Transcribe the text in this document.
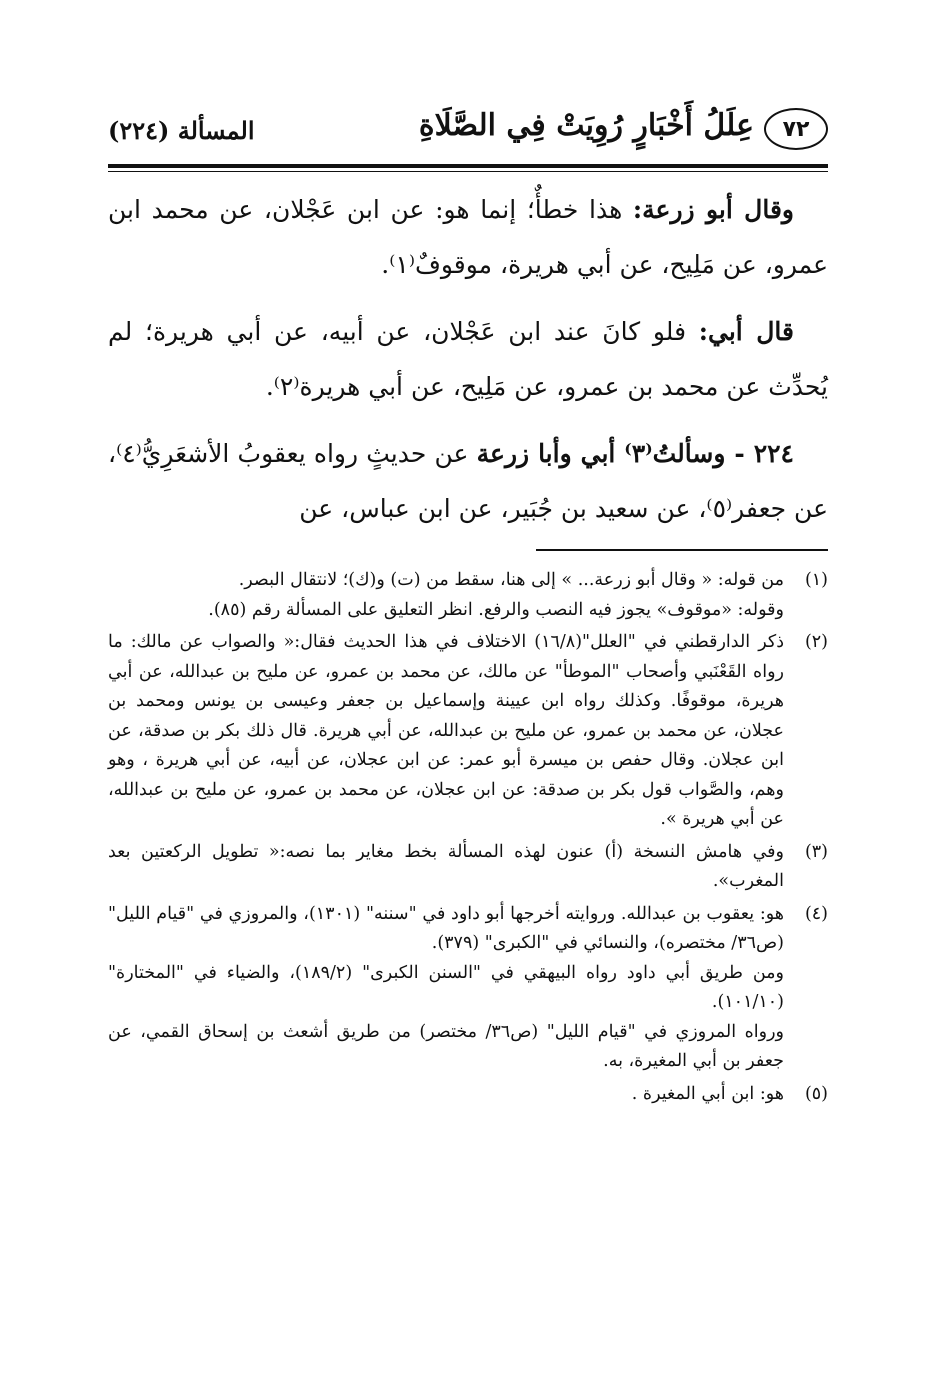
٧٢
عِلَلُ أَخْبَارٍ رُوِيَتْ فِي الصَّلَاةِ
المسألة (٢٢٤)

وقال أبو زرعة: هذا خطأٌ؛ إنما هو: عن ابن عَجْلان، عن محمد ابن عمرو، عن مَلِيح، عن أبي هريرة، موقوفٌ⁽١⁾.

قال أبي: فلو كانَ عند ابن عَجْلان، عن أبيه، عن أبي هريرة؛ لم يُحدِّث عن محمد بن عمرو، عن مَلِيح، عن أبي هريرة⁽٢⁾.

٢٢٤ - وسألتُ⁽٣⁾ أبي وأبا زرعة عن حديثٍ رواه يعقوبُ الأشعَرِيُّ⁽٤⁾، عن جعفر⁽٥⁾، عن سعيد بن جُبَير، عن ابن عباس، عن

(١)
من قوله: « وقال أبو زرعة... » إلى هنا، سقط من (ت) و(ك)؛ لانتقال البصر.
وقوله: «موقوف» يجوز فيه النصب والرفع. انظر التعليق على المسألة رقم (٨٥).
(٢)
ذكر الدارقطني في "العلل"(١٦/٨) الاختلاف في هذا الحديث فقال:« والصواب عن مالك: ما رواه القَعْنَبي وأصحاب "الموطأ" عن مالك، عن محمد بن عمرو، عن مليح بن عبدالله، عن أبي هريرة، موقوفًا. وكذلك رواه ابن عيينة وإسماعيل بن جعفر وعيسى بن يونس ومحمد بن عجلان، عن محمد بن عمرو، عن مليح بن عبدالله، عن أبي هريرة. قال ذلك بكر بن صدقة، عن ابن عجلان. وقال حفص بن ميسرة أبو عمر: عن ابن عجلان، عن أبيه، عن أبي هريرة ، وهو وهم، والصَّواب قول بكر بن صدقة: عن ابن عجلان، عن محمد بن عمرو، عن مليح بن عبدالله، عن أبي هريرة ».
(٣)
وفي هامش النسخة (أ) عنون لهذه المسألة بخط مغاير بما نصه:« تطويل الركعتين بعد المغرب».
(٤)
هو: يعقوب بن عبدالله. وروايته أخرجها أبو داود في "سننه" (١٣٠١)، والمروزي في "قيام الليل" (ص٣٦/ مختصره)، والنسائي في "الكبرى" (٣٧٩).
ومن طريق أبي داود رواه البيهقي في "السنن الكبرى" (١٨٩/٢)، والضياء في "المختارة" (١٠١/١٠).
ورواه المروزي في "قيام الليل" (ص٣٦/ مختصر) من طريق أشعث بن إسحاق القمي، عن جعفر بن أبي المغيرة، به.
(٥)
هو: ابن أبي المغيرة .
